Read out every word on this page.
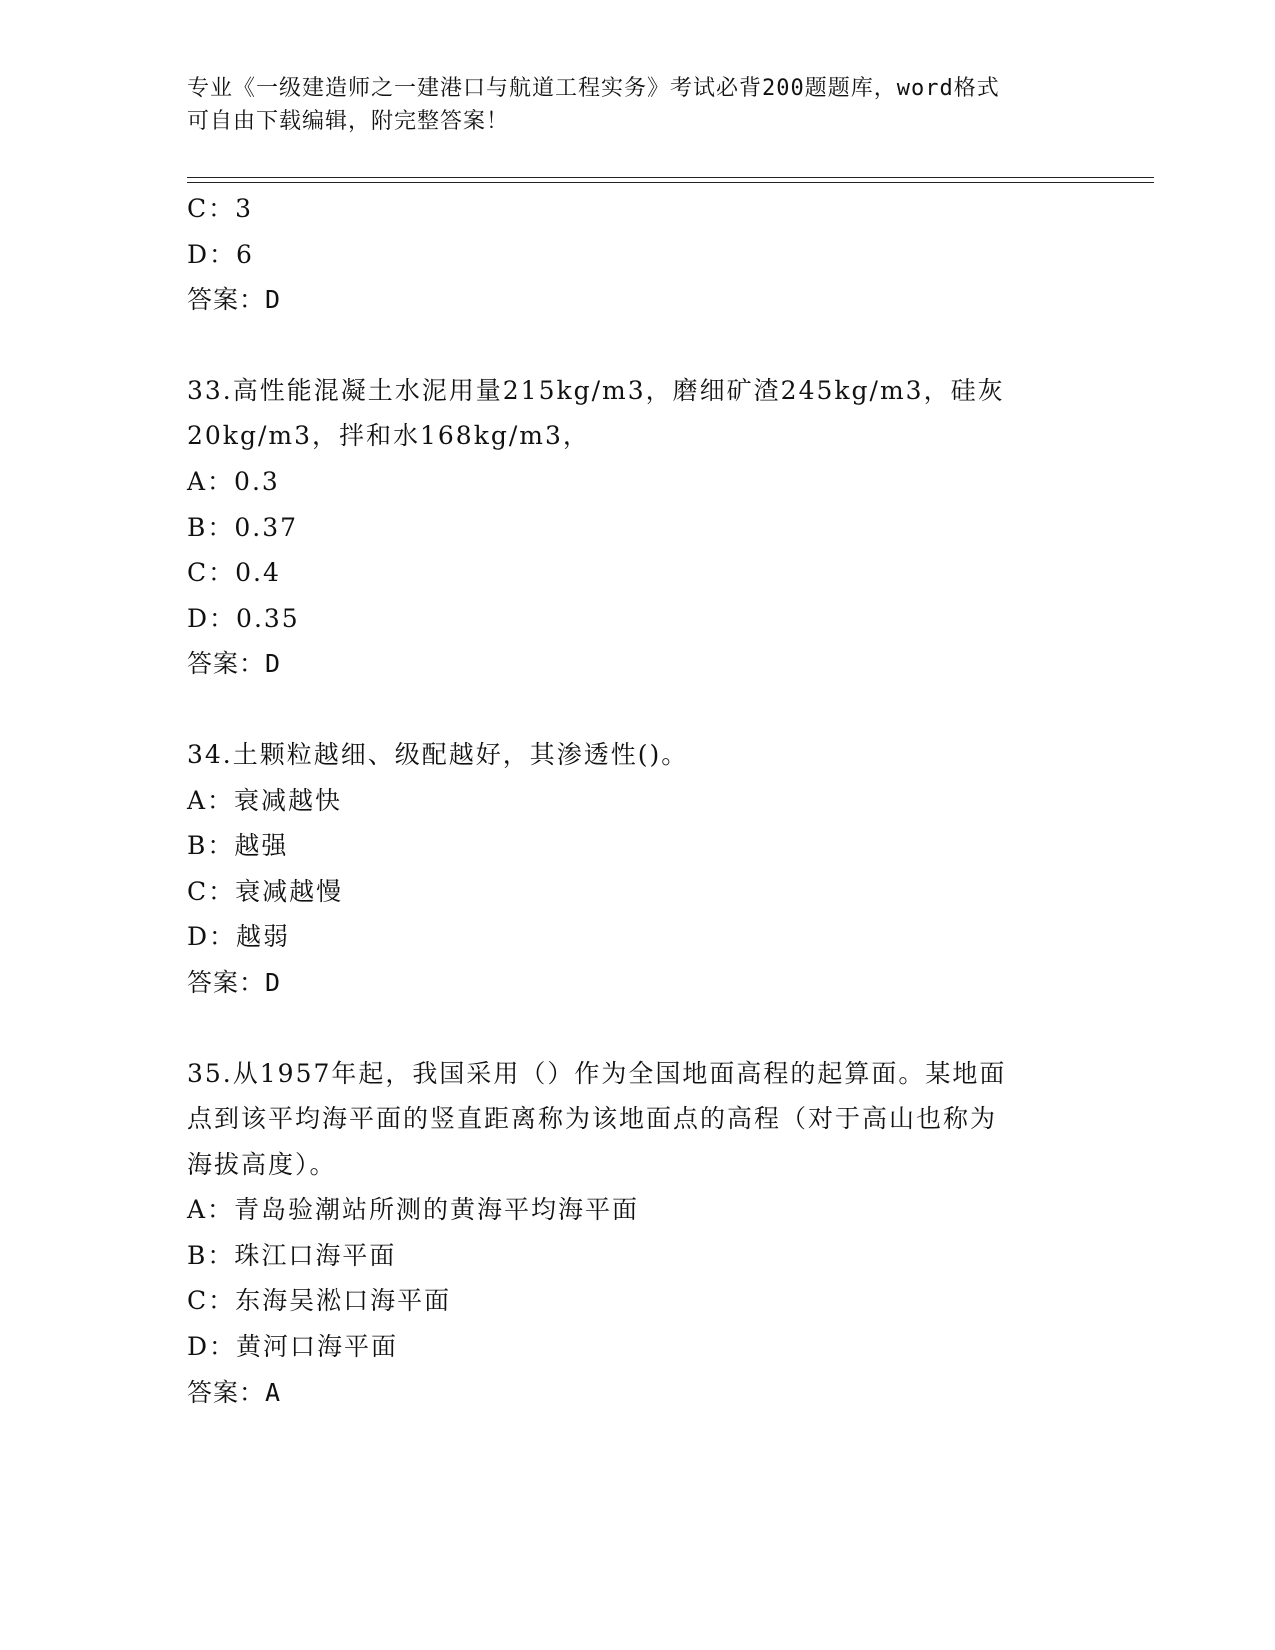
专业《一级建造师之一建港口与航道工程实务》考试必背200题题库，word格式
可自由下载编辑，附完整答案！
C：3
D：6
答案：D
33.高性能混凝土水泥用量215kg/m3，磨细矿渣245kg/m3，硅灰
20kg/m3，拌和水168kg/m3，
A：0.3
B：0.37
C：0.4
D：0.35
答案：D
34.土颗粒越细、级配越好，其渗透性()。
A：衰减越快
B：越强
C：衰减越慢
D：越弱
答案：D
35.从1957年起，我国采用（）作为全国地面高程的起算面。某地面
点到该平均海平面的竖直距离称为该地面点的高程（对于高山也称为
海拔高度）。
A：青岛验潮站所测的黄海平均海平面
B：珠江口海平面
C：东海吴淞口海平面
D：黄河口海平面
答案：A
